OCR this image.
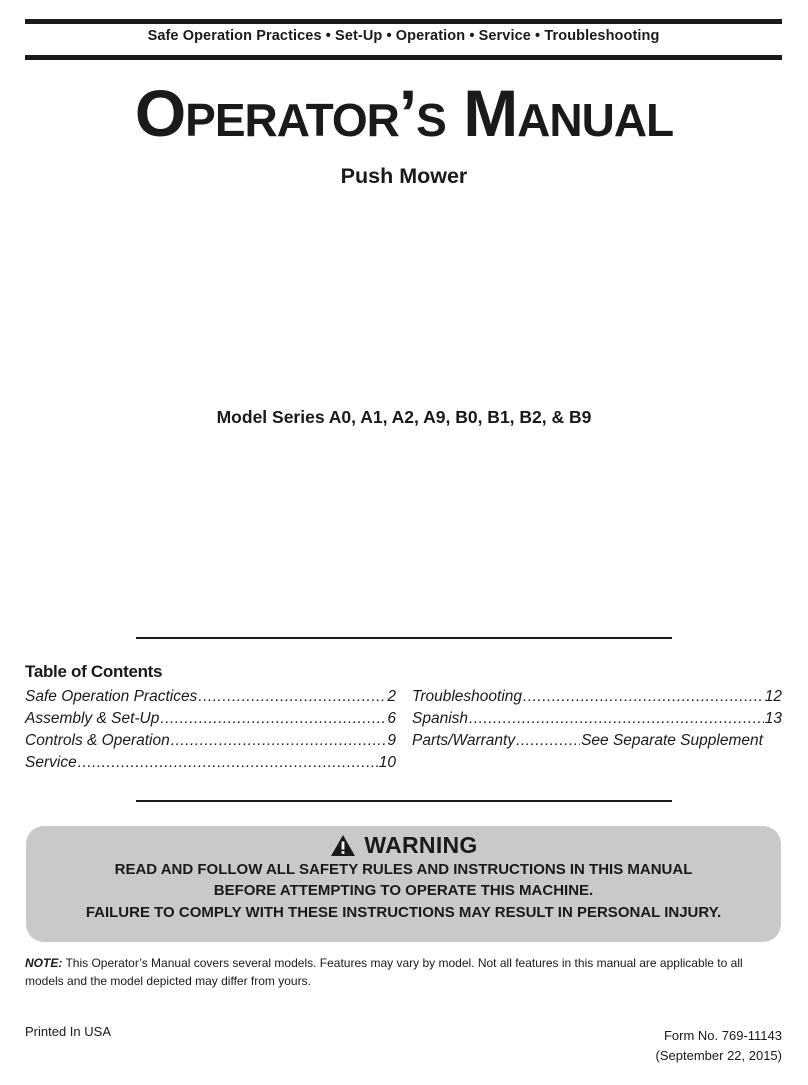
Safe Operation Practices • Set-Up • Operation • Service • Troubleshooting
Operator’s Manual
Push Mower
Model Series A0, A1, A2, A9, B0, B1, B2, & B9
Table of Contents
Safe Operation Practices .....	2
Assembly & Set-Up .....	6
Controls & Operation .....	9
Service .....	10
Troubleshooting .....	12
Spanish .....	13
Parts/Warranty .....	See Separate Supplement
WARNING
READ AND FOLLOW ALL SAFETY RULES AND INSTRUCTIONS IN THIS MANUAL
BEFORE ATTEMPTING TO OPERATE THIS MACHINE.
FAILURE TO COMPLY WITH THESE INSTRUCTIONS MAY RESULT IN PERSONAL INJURY.
NOTE: This Operator’s Manual covers several models. Features may vary by model. Not all features in this manual are applicable to all models and the model depicted may differ from yours.
Printed In USA	Form No. 769-11143
(September 22, 2015)
